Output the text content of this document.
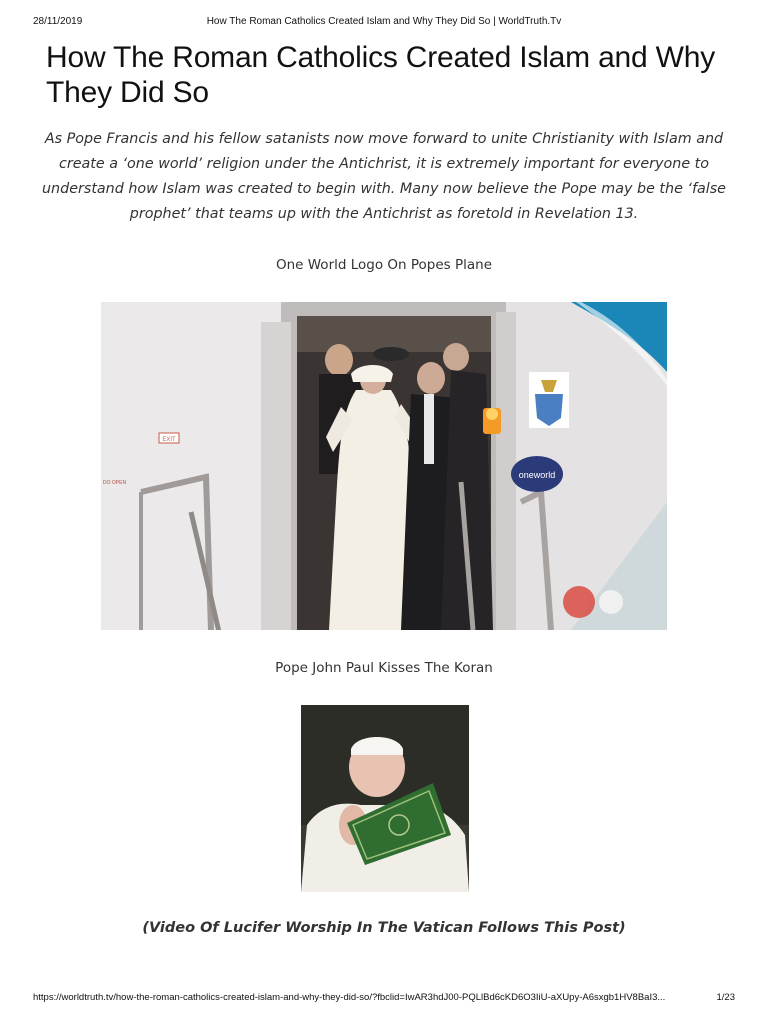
28/11/2019	How The Roman Catholics Created Islam and Why They Did So | WorldTruth.Tv
How The Roman Catholics Created Islam and Why They Did So

As Pope Francis and his fellow satanists now move forward to unite Christianity with Islam and create a ‘one world’ religion under the Antichrist, it is extremely important for everyone to understand how Islam was created to begin with. Many now believe the Pope may be the ‘false prophet’ that teams up with the Antichrist as foretold in Revelation 13.

One World Logo On Popes Plane
oneworld
EXIT
DO OPEN
Pope John Paul Kisses The Koran
(Video Of Lucifer Worship In The Vatican Follows This Post)
https://worldtruth.tv/how-the-roman-catholics-created-islam-and-why-they-did-so/?fbclid=IwAR3hdJ00-PQLlBd6cKD6O3IiU-aXUpy-A6sxgb1HV8BaI3...	1/23
